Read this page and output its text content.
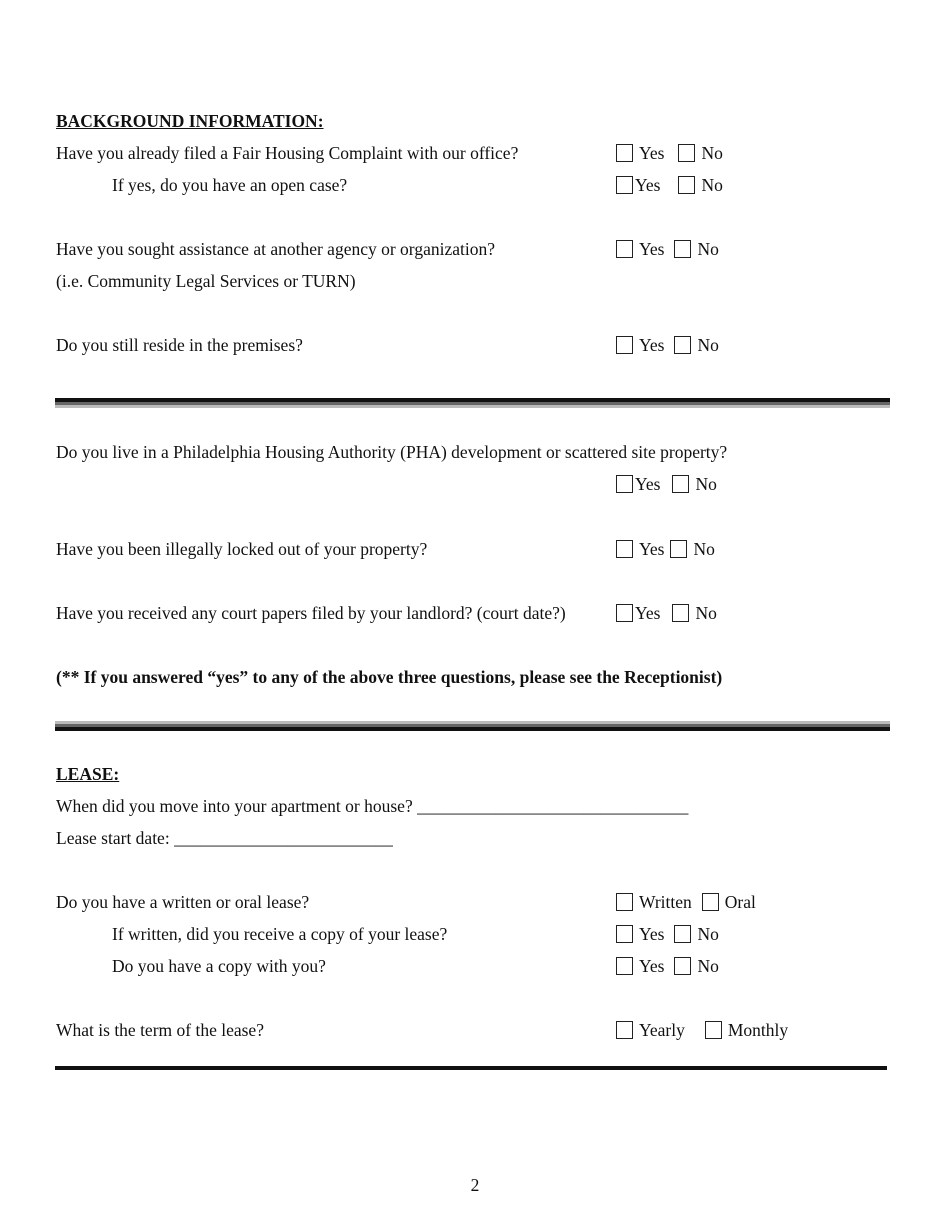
BACKGROUND INFORMATION:
Have you already filed a Fair Housing Complaint with our office?	Yes No
If yes, do you have an open case?	Yes No
Have you sought assistance at another agency or organization?	Yes No
(i.e. Community Legal Services or TURN)
Do you still reside in the premises?	Yes No
Do you live in a Philadelphia Housing Authority (PHA) development or scattered site property?
Yes No
Have you been illegally locked out of your property?	Yes No
Have you received any court papers filed by your landlord? (court date?)	Yes No
(** If you answered “yes” to any of the above three questions, please see the Receptionist)
LEASE:
When did you move into your apartment or house? _______________________________
Lease start date: _________________________
Do you have a written or oral lease?	Written Oral
If written, did you receive a copy of your lease?	Yes No
Do you have a copy with you?	Yes No
What is the term of the lease?	Yearly Monthly
2
